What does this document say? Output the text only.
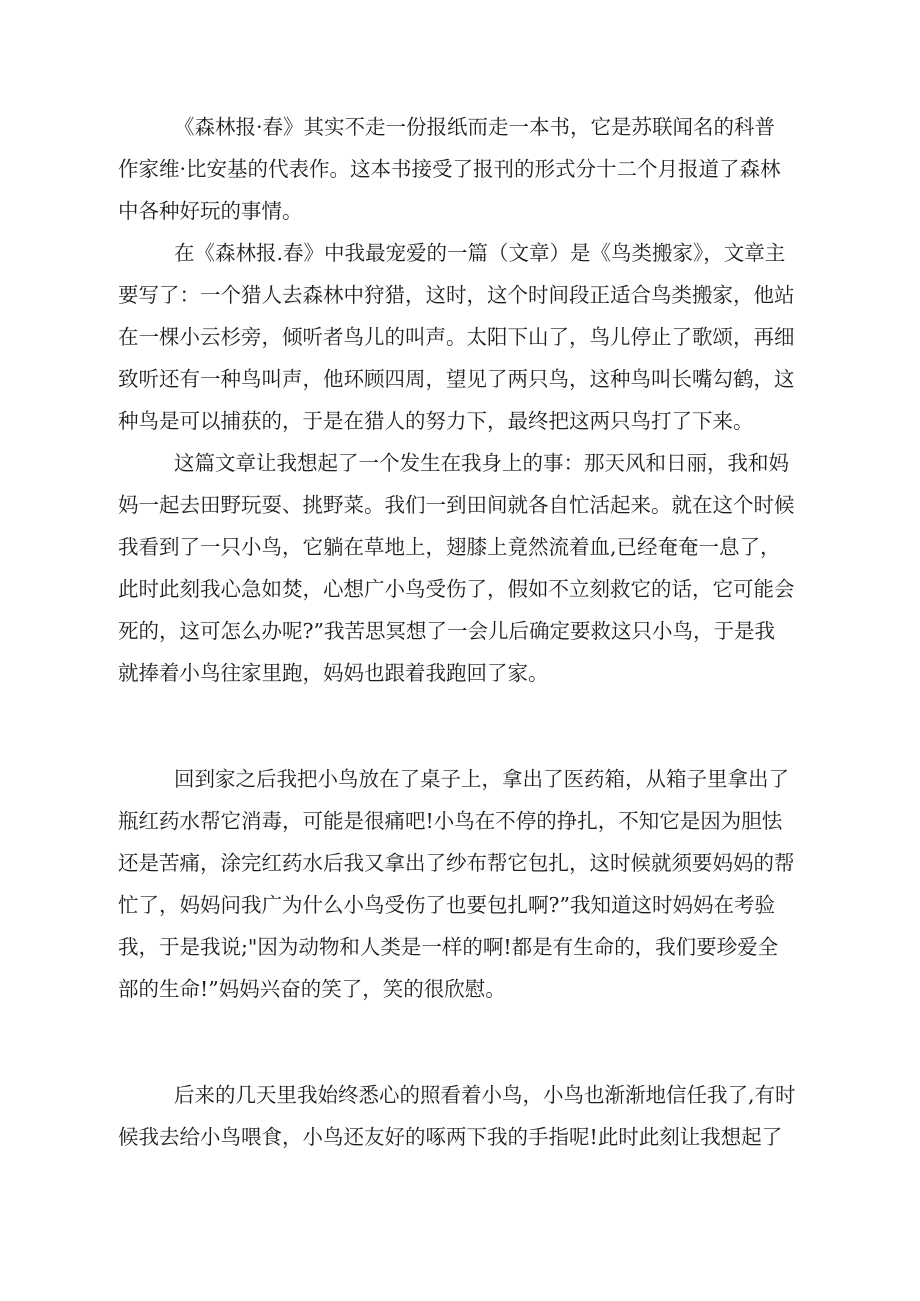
《森林报·春》其实不走一份报纸而走一本书，它是苏联闻名的科普
作家维·比安基的代表作。这本书接受了报刊的形式分十二个月报道了森林
中各种好玩的事情。
在《森林报.春》中我最宠爱的一篇（文章）是《鸟类搬家》，文章主
要写了：一个猎人去森林中狩猎，这时，这个时间段正适合鸟类搬家，他站
在一棵小云杉旁，倾听者鸟儿的叫声。太阳下山了，鸟儿停止了歌颂，再细
致听还有一种鸟叫声，他环顾四周，望见了两只鸟，这种鸟叫长嘴勾鹤，这
种鸟是可以捕获的，于是在猎人的努力下，最终把这两只鸟打了下来。
这篇文章让我想起了一个发生在我身上的事：那天风和日丽，我和妈
妈一起去田野玩耍、挑野菜。我们一到田间就各自忙活起来。就在这个时候
我看到了一只小鸟，它躺在草地上，翅膝上竟然流着血,已经奄奄一息了，
此时此刻我心急如焚，心想广小鸟受伤了，假如不立刻救它的话，它可能会
死的，这可怎么办呢?”我苦思冥想了一会儿后确定要救这只小鸟，于是我
就捧着小鸟往家里跑，妈妈也跟着我跑回了家。
回到家之后我把小鸟放在了桌子上，拿出了医药箱，从箱子里拿出了
瓶红药水帮它消毒，可能是很痛吧!小鸟在不停的挣扎，不知它是因为胆怯
还是苦痛，涂完红药水后我又拿出了纱布帮它包扎，这时候就须要妈妈的帮
忙了，妈妈问我广为什么小鸟受伤了也要包扎啊?”我知道这时妈妈在考验
我，于是我说;"因为动物和人类是一样的啊!都是有生命的，我们要珍爱全
部的生命!”妈妈兴奋的笑了，笑的很欣慰。
后来的几天里我始终悉心的照看着小鸟，小鸟也渐渐地信任我了,有时
候我去给小鸟喂食，小鸟还友好的啄两下我的手指呢!此时此刻让我想起了
